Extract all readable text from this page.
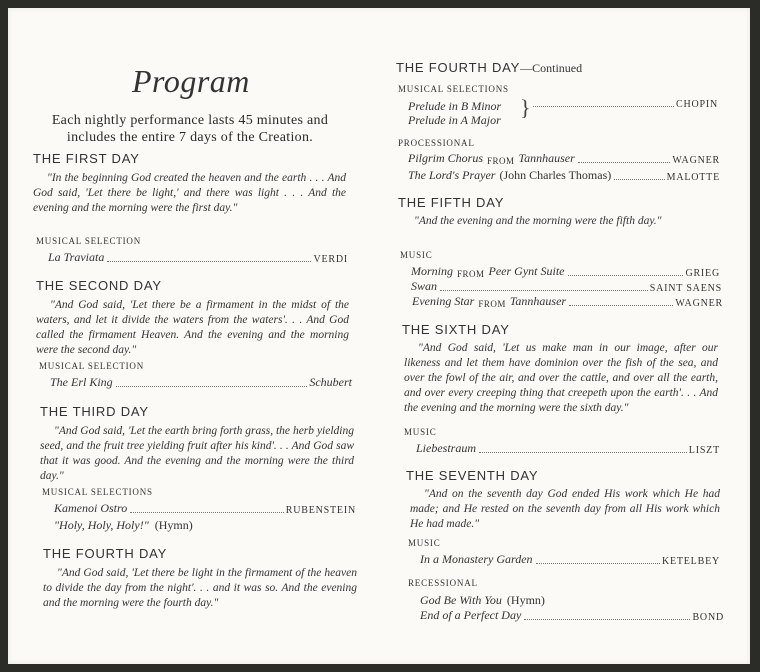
Program
Each nightly performance lasts 45 minutes and includes the entire 7 days of the Creation.
THE FIRST DAY
"In the beginning God created the heaven and the earth . . . And God said, 'Let there be light,' and there was light . . . And the evening and the morning were the first day."
MUSICAL SELECTION
La Traviata	VERDI
THE SECOND DAY
"And God said, 'Let there be a firmament in the midst of the waters, and let it divide the waters from the waters'. . . And God called the firmament Heaven. And the evening and the morning were the second day."
MUSICAL SELECTION
The Erl King	Schubert
THE THIRD DAY
"And God said, 'Let the earth bring forth grass, the herb yielding seed, and the fruit tree yielding fruit after his kind'. . . And God saw that it was good. And the evening and the morning were the third day."
MUSICAL SELECTIONS
Kamenoi Ostro	RUBENSTEIN
"Holy, Holy, Holy!" (Hymn)
THE FOURTH DAY
"And God said, 'Let there be light in the firmament of the heaven to divide the day from the night'. . . and it was so. And the evening and the morning were the fourth day."
THE FOURTH DAY—Continued
MUSICAL SELECTIONS
Prelude in B Minor
Prelude in A Major }	CHOPIN
PROCESSIONAL
Pilgrim Chorus FROM Tannhauser	WAGNER
The Lord's Prayer (John Charles Thomas)	MALOTTE
THE FIFTH DAY
"And the evening and the morning were the fifth day."
MUSIC
Morning FROM Peer Gynt Suite	GRIEG
Swan	SAINT SAENS
Evening Star FROM Tannhauser	WAGNER
THE SIXTH DAY
"And God said, 'Let us make man in our image, after our likeness and let them have dominion over the fish of the sea, and over the fowl of the air, and over the cattle, and over all the earth, and over every creeping thing that creepeth upon the earth'. . . And the evening and the morning were the sixth day."
MUSIC
Liebestraum	LISZT
THE SEVENTH DAY
"And on the seventh day God ended His work which He had made; and He rested on the seventh day from all His work which He had made."
MUSIC
In a Monastery Garden	KETELBEY
RECESSIONAL
God Be With You (Hymn)
End of a Perfect Day	BOND
